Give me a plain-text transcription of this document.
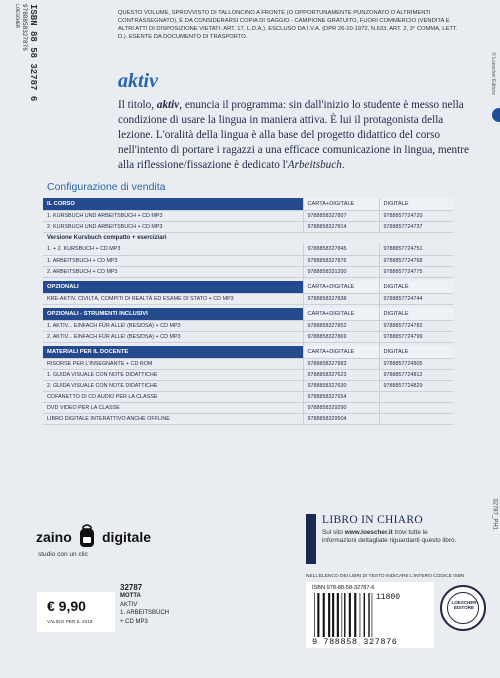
ISBN 88 58 32787 6
9788858327876
LOESCHER
© Loescher Editore
32787_PH1
QUESTO VOLUME, SPROVVISTO DI TALLONCINO A FRONTE (O OPPORTUNAMENTE PUNZONATO O ALTRIMENTI CONTRASSEGNATO), È DA CONSIDERARSI COPIA DI SAGGIO - CAMPIONE GRATUITO, FUORI COMMERCIO (VENDITA E ALTRI ATTI DI DISPOSIZIONE VIETATI: ART. 17, L.D.A.). ESCLUSO DA I.V.A. (DPR 26-10-1972, N.633, ART. 2, 3° COMMA, LETT. D.). ESENTE DA DOCUMENTO DI TRASPORTO.
aktiv
Il titolo, aktiv, enuncia il programma: sin dall'inizio lo studente è messo nella condizione di usare la lingua in maniera attiva. È lui il protagonista della lezione. L'oralità della lingua è alla base del progetto didattico del corso nell'intento di portare i ragazzi a una efficace comunicazione in lingua, mentre alla riflessione/fissazione è dedicato l'Arbeitsbuch.
Configurazione di vendita
IL CORSO	CARTA+DIGITALE	DIGITALE
1. KURSBUCH UND ARBEITSBUCH + CD MP3	9788858327807	9788857724720
2. KURSBUCH UND ARBEITSBUCH + CD MP3	9788858327814	9788857724737
Versione Kursbuch compatto + eserciziari		
1. + 2. KURSBUCH + CD MP3	9788858327845	9788857724751
1. ARBEITSBUCH + CD MP3	9788858327876	9788857724768
2. ARBEITSBUCH + CD MP3	9788858331200	9788857724775

OPZIONALI	CARTA+DIGITALE	DIGITALE
KRE-AKTIV. CIVILTÀ, COMPITI DI REALTÀ ED ESAME DI STATO + CD MP3	9788858327838	9788857724744

OPZIONALI - STRUMENTI INCLUSIVI	CARTA+DIGITALE	DIGITALE
1. AKTIV... EINFACH FÜR ALLE! (BES/DSA) + CD MP3	9788858327852	9788857724782
2. AKTIV... EINFACH FÜR ALLE! (BES/DSA) + CD MP3	9788858327869	9788857724799

MATERIALI PER IL DOCENTE	CARTA+DIGITALE	DIGITALE
RISORSE PER L'INSEGNANTE + CD ROM	9788858327883	9788857724805
1. GUIDA VISUALE CON NOTE DIDATTICHE	9788858327623	9788857724812
2. GUIDA VISUALE CON NOTE DIDATTICHE	9788858327630	9788857724829
COFANETTO DI CD AUDIO PER LA CLASSE	9788858327654	
DVD VIDEO PER LA CLASSE	9788858329290	
LIBRO DIGITALE INTERATTIVO ANCHE OFFLINE	9788858329504	
zaino digitale
studio con un clic
LIBRO IN CHIARO
Sul sito www.loescher.it trovi tutte le informazioni dettagliate riguardanti questo libro.
NELL'ELENCO DEI LIBRI DI TESTO INDICARE L'INTERO CODICE ISBN
€ 9,90
VALIDO PER IL 2018
32787
MOTTA
AKTIV
1. ARBEITSBUCH
+ CD MP3
ISBN 978-88-58-32787-6
11800
9 788858 327876
LOESCHER EDITORE
